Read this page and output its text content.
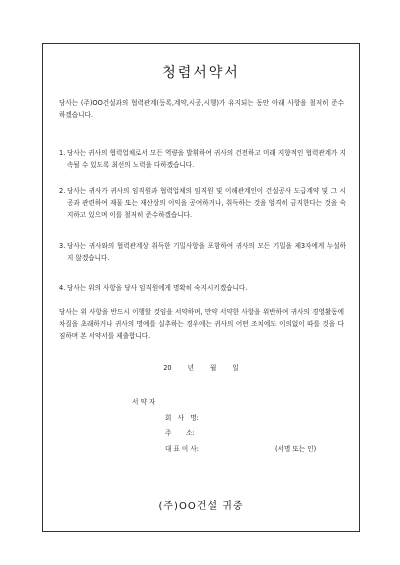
청렴서약서
당사는 (주)OO건설과의 협력관계(등록,계약,시공,시행)가 유지되는 동안 아래 사항을 철저히 준수하겠습니다.
1. 당사는 귀사의 협력업체로서 모든 역량을 발휘하여 귀사의 건전하고 미래 지향적인 협력관계가 지속될 수 있도록 최선의 노력을 다하겠습니다.
2. 당사는 귀사가 귀사의 임직원과 협력업체의 임직원 및 이해관계인이 건설공사 도급계약 및 그 시공과 관련하여 재물 또는 재산상의 이익을 공여하거나, 취득하는 것을 엄격히 금지한다는 것을 숙지하고 있으며 이를 철저히 준수하겠습니다.
3. 당사는 귀사와의 협력관계상 취득한 기밀사항을 포함하여 귀사의 모든 기밀을 제3자에게 누설하지 않겠습니다.
4. 당사는 위의 사항을 당사 임직원에게 명확히 숙지시키겠습니다.
당사는 위 사항을 반드시 이행할 것임을 서약하며, 만약 서약한 사항을 위반하여 귀사의 경영활동에 차질을 초래하거나 귀사의 명예를 실추하는 경우에는 귀사의 어떤 조치에도 이의없이 따를 것을 다짐하며 본 서약서를 제출합니다.
20 년 월 일
서 약 자
회   사   명:
주       소:
대 표 이 사:	(서명 또는 인)
(주)OO건설 귀중
